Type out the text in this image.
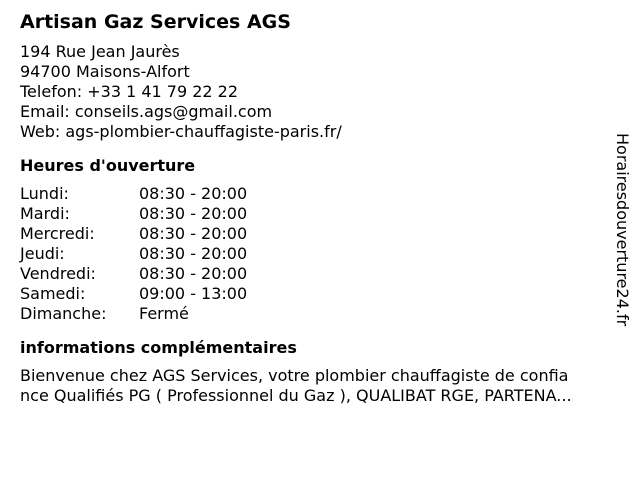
Artisan Gaz Services AGS
194 Rue Jean Jaurès
94700 Maisons-Alfort
Telefon: +33 1 41 79 22 22
Email: conseils.ags@gmail.com
Web: ags-plombier-chauffagiste-paris.fr/
Heures d'ouverture
Lundi:	08:30 - 20:00
Mardi:	08:30 - 20:00
Mercredi:	08:30 - 20:00
Jeudi:	08:30 - 20:00
Vendredi:	08:30 - 20:00
Samedi:	09:00 - 13:00
Dimanche: Fermé
informations complémentaires
Bienvenue chez AGS Services, votre plombier chauffagiste de confia
nce Qualifiés PG ( Professionnel du Gaz ), QUALIBAT RGE, PARTENA...
Horairesdouverture24.fr
